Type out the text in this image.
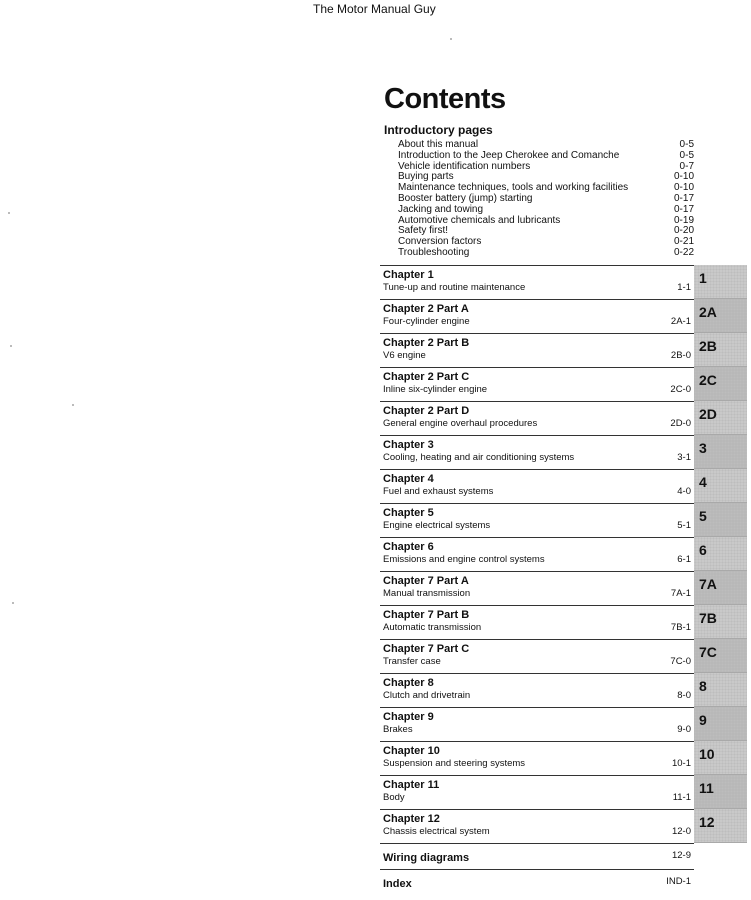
The Motor Manual Guy
Contents
Introductory pages
About this manual	0-5
Introduction to the Jeep Cherokee and Comanche	0-5
Vehicle identification numbers	0-7
Buying parts	0-10
Maintenance techniques, tools and working facilities	0-10
Booster battery (jump) starting	0-17
Jacking and towing	0-17
Automotive chemicals and lubricants	0-19
Safety first!	0-20
Conversion factors	0-21
Troubleshooting	0-22
Chapter 1
Tune-up and routine maintenance	1-1
Chapter 2 Part A
Four-cylinder engine	2A-1
Chapter 2 Part B
V6 engine	2B-0
Chapter 2 Part C
Inline six-cylinder engine	2C-0
Chapter 2 Part D
General engine overhaul procedures	2D-0
Chapter 3
Cooling, heating and air conditioning systems	3-1
Chapter 4
Fuel and exhaust systems	4-0
Chapter 5
Engine electrical systems	5-1
Chapter 6
Emissions and engine control systems	6-1
Chapter 7 Part A
Manual transmission	7A-1
Chapter 7 Part B
Automatic transmission	7B-1
Chapter 7 Part C
Transfer case	7C-0
Chapter 8
Clutch and drivetrain	8-0
Chapter 9
Brakes	9-0
Chapter 10
Suspension and steering systems	10-1
Chapter 11
Body	11-1
Chapter 12
Chassis electrical system	12-0
Wiring diagrams	12-9
Index	IND-1
1
2A
2B
2C
2D
3
4
5
6
7A
7B
7C
8
9
10
11
12
